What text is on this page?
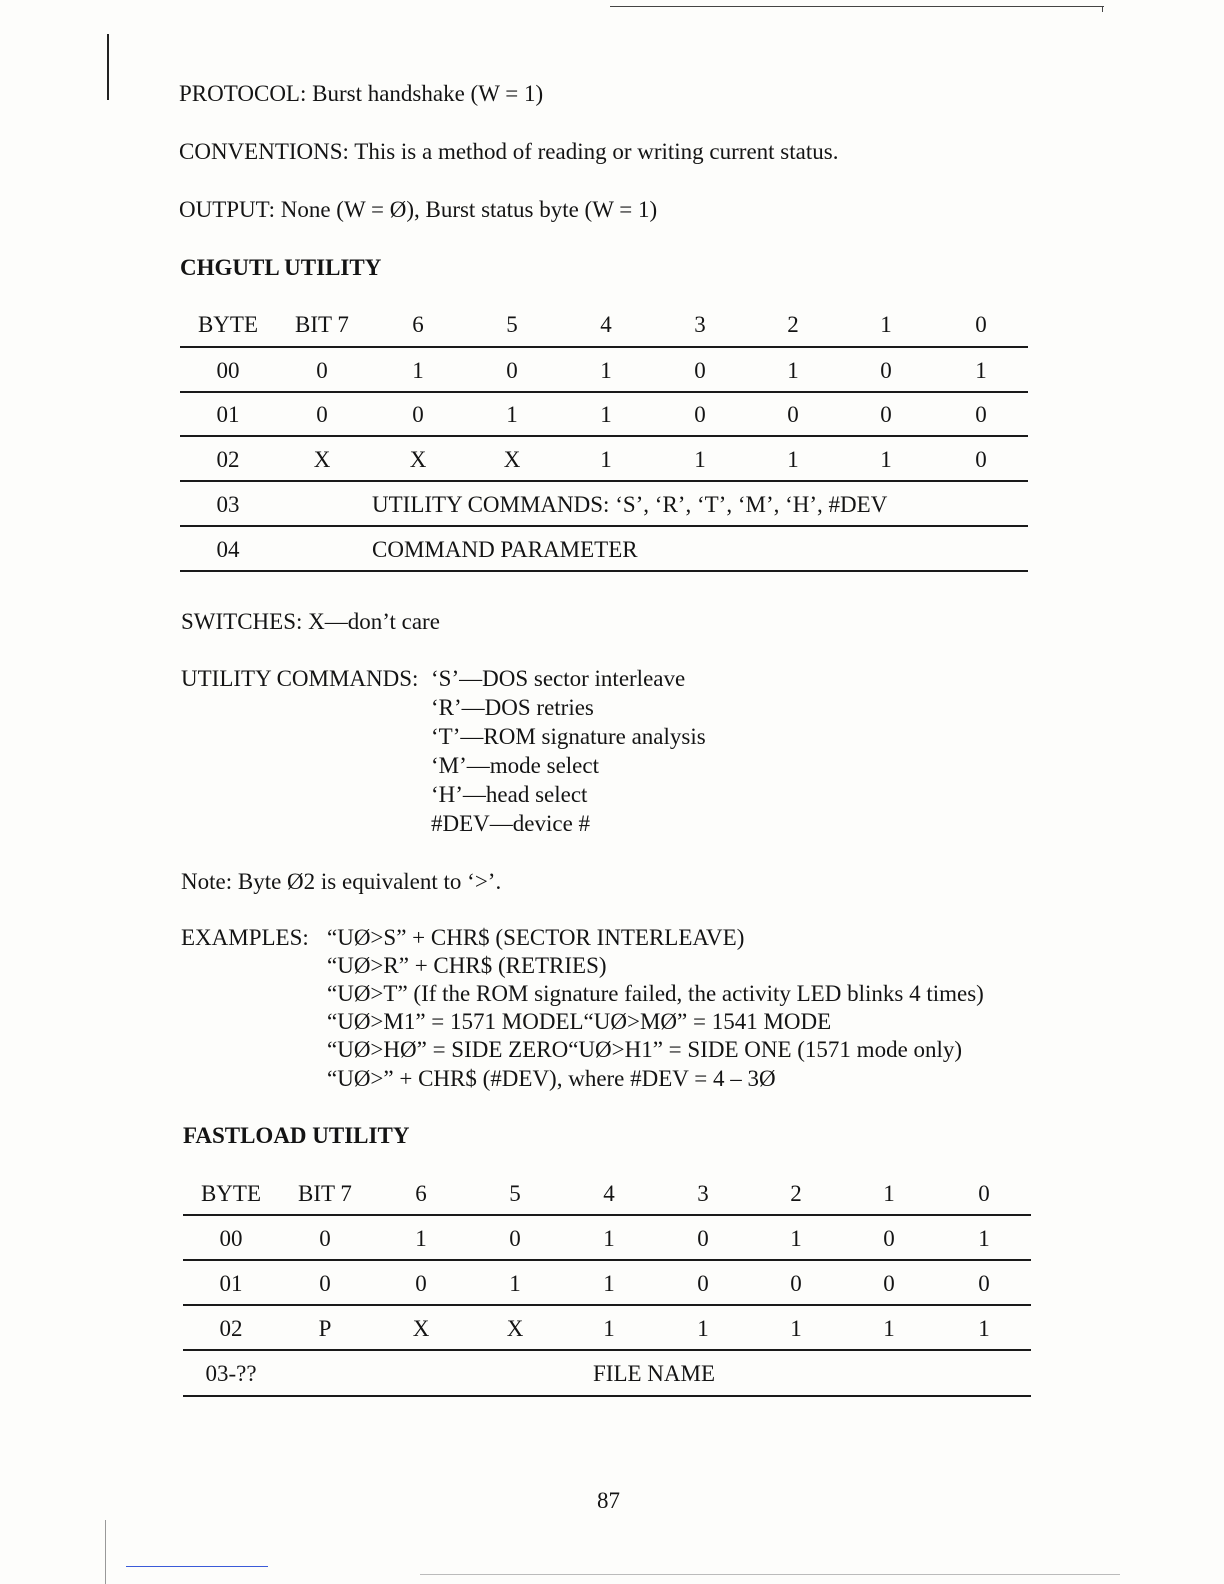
PROTOCOL: Burst handshake (W = 1)
CONVENTIONS: This is a method of reading or writing current status.
OUTPUT: None (W = Ø), Burst status byte (W = 1)
CHGUTL UTILITY
BYTE	BIT 7	6	5	4	3	2	1	0
00	0	1	0	1	0	1	0	1
01	0	0	1	1	0	0	0	0
02	X	X	X	1	1	1	1	0
03	UTILITY COMMANDS: ‘S’, ‘R’, ‘T’, ‘M’, ‘H’, #DEV
04	COMMAND PARAMETER
SWITCHES: X—don’t care
UTILITY COMMANDS: ‘S’—DOS sector interleave
‘R’—DOS retries
‘T’—ROM signature analysis
‘M’—mode select
‘H’—head select
#DEV—device #
Note: Byte Ø2 is equivalent to ‘>’.
EXAMPLES: “UØ>S” + CHR$ (SECTOR INTERLEAVE)
“UØ>R” + CHR$ (RETRIES)
“UØ>T” (If the ROM signature failed, the activity LED blinks 4 times)
“UØ>M1” = 1571 MODEL“UØ>MØ” = 1541 MODE
“UØ>HØ” = SIDE ZERO“UØ>H1” = SIDE ONE (1571 mode only)
“UØ>” + CHR$ (#DEV), where #DEV = 4 – 3Ø
FASTLOAD UTILITY
BYTE	BIT 7	6	5	4	3	2	1	0
00	0	1	0	1	0	1	0	1
01	0	0	1	1	0	0	0	0
02	P	X	X	1	1	1	1	1
03-??	FILE NAME
87
